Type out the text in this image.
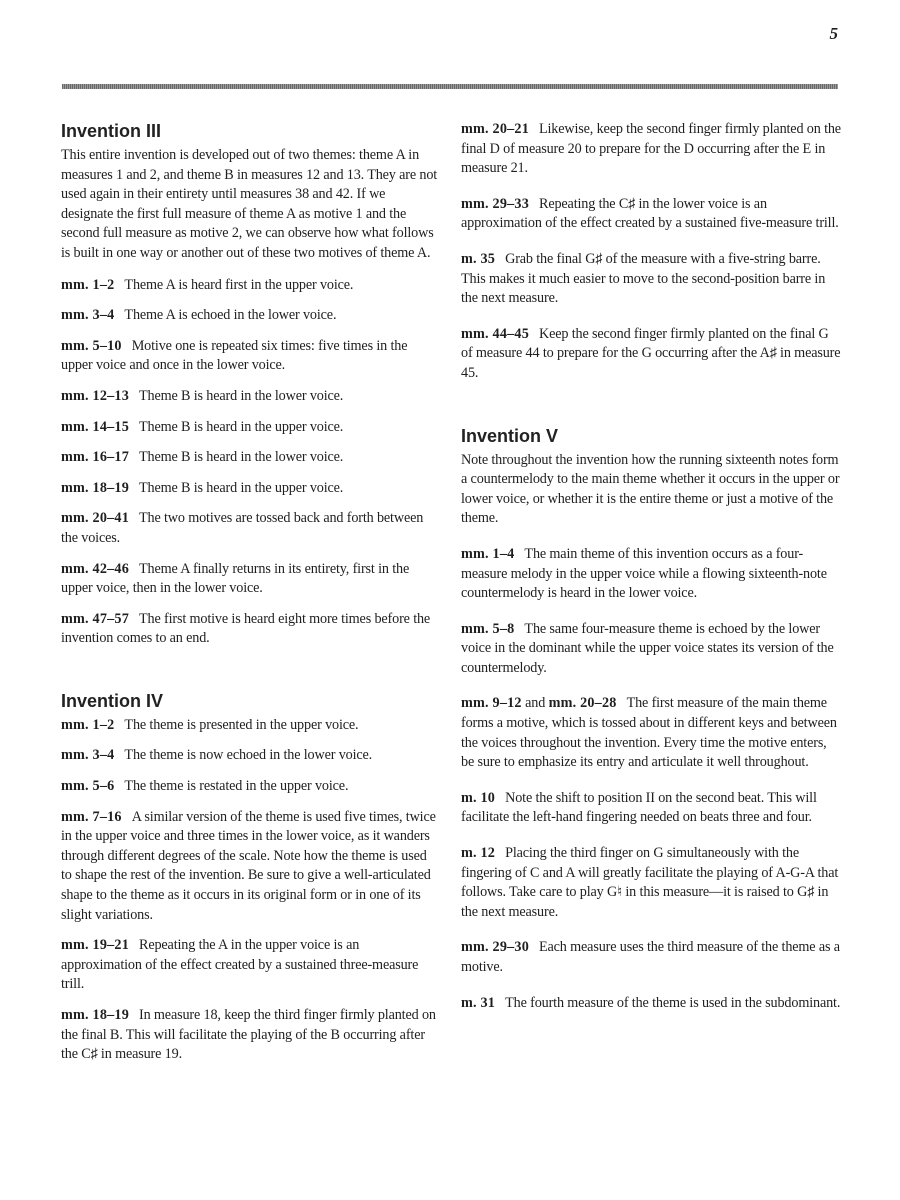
5
Invention III

This entire invention is developed out of two themes: theme A in measures 1 and 2, and theme B in measures 12 and 13. They are not used again in their entirety until measures 38 and 42. If we designate the first full measure of theme A as motive 1 and the second full measure as motive 2, we can observe how what follows is built in one way or another out of these two motives of theme A.

mm. 1–2 Theme A is heard first in the upper voice.

mm. 3–4 Theme A is echoed in the lower voice.

mm. 5–10 Motive one is repeated six times: five times in the upper voice and once in the lower voice.

mm. 12–13 Theme B is heard in the lower voice.

mm. 14–15 Theme B is heard in the upper voice.

mm. 16–17 Theme B is heard in the lower voice.

mm. 18–19 Theme B is heard in the upper voice.

mm. 20–41 The two motives are tossed back and forth between the voices.

mm. 42–46 Theme A finally returns in its entirety, first in the upper voice, then in the lower voice.

mm. 47–57 The first motive is heard eight more times before the invention comes to an end.

Invention IV

mm. 1–2 The theme is presented in the upper voice.

mm. 3–4 The theme is now echoed in the lower voice.

mm. 5–6 The theme is restated in the upper voice.

mm. 7–16 A similar version of the theme is used five times, twice in the upper voice and three times in the lower voice, as it wanders through different degrees of the scale. Note how the theme is used to shape the rest of the invention. Be sure to give a well-articulated shape to the theme as it occurs in its original form or in one of its slight variations.

mm. 19–21 Repeating the A in the upper voice is an approximation of the effect created by a sustained three-measure trill.

mm. 18–19 In measure 18, keep the third finger firmly planted on the final B. This will facilitate the playing of the B occurring after the C♯ in measure 19.

mm. 20–21 Likewise, keep the second finger firmly planted on the final D of measure 20 to prepare for the D occurring after the E in measure 21.

mm. 29–33 Repeating the C♯ in the lower voice is an approximation of the effect created by a sustained five-measure trill.

m. 35 Grab the final G♯ of the measure with a five-string barre. This makes it much easier to move to the second-position barre in the next measure.

mm. 44–45 Keep the second finger firmly planted on the final G of measure 44 to prepare for the G occurring after the A♯ in measure 45.

Invention V

Note throughout the invention how the running sixteenth notes form a countermelody to the main theme whether it occurs in the upper or lower voice, or whether it is the entire theme or just a motive of the theme.

mm. 1–4 The main theme of this invention occurs as a four-measure melody in the upper voice while a flowing sixteenth-note countermelody is heard in the lower voice.

mm. 5–8 The same four-measure theme is echoed by the lower voice in the dominant while the upper voice states its version of the countermelody.

mm. 9–12 and mm. 20–28 The first measure of the main theme forms a motive, which is tossed about in different keys and between the voices throughout the invention. Every time the motive enters, be sure to emphasize its entry and articulate it well throughout.

m. 10 Note the shift to position II on the second beat. This will facilitate the left-hand fingering needed on beats three and four.

m. 12 Placing the third finger on G simultaneously with the fingering of C and A will greatly facilitate the playing of A-G-A that follows. Take care to play G♮ in this measure—it is raised to G♯ in the next measure.

mm. 29–30 Each measure uses the third measure of the theme as a motive.

m. 31 The fourth measure of the theme is used in the subdominant.
